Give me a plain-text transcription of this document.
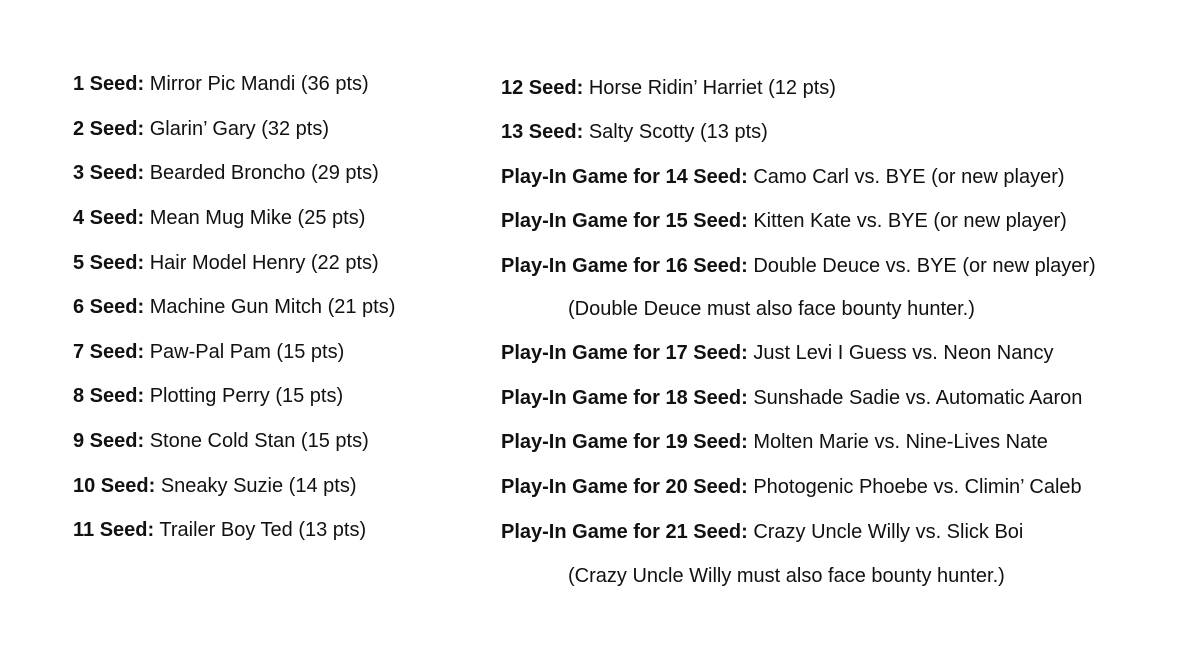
1 Seed: Mirror Pic Mandi (36 pts)
2 Seed: Glarin’ Gary (32 pts)
3 Seed: Bearded Broncho (29 pts)
4 Seed: Mean Mug Mike (25 pts)
5 Seed: Hair Model Henry (22 pts)
6 Seed: Machine Gun Mitch (21 pts)
7 Seed: Paw-Pal Pam (15 pts)
8 Seed: Plotting Perry (15 pts)
9 Seed: Stone Cold Stan (15 pts)
10 Seed: Sneaky Suzie (14 pts)
11 Seed: Trailer Boy Ted (13 pts)
12 Seed: Horse Ridin’ Harriet (12 pts)
13 Seed: Salty Scotty (13 pts)
Play-In Game for 14 Seed: Camo Carl vs. BYE (or new player)
Play-In Game for 15 Seed: Kitten Kate vs. BYE (or new player)
Play-In Game for 16 Seed: Double Deuce vs. BYE (or new player)
(Double Deuce must also face bounty hunter.)
Play-In Game for 17 Seed: Just Levi I Guess vs. Neon Nancy
Play-In Game for 18 Seed: Sunshade Sadie vs. Automatic Aaron
Play-In Game for 19 Seed: Molten Marie vs. Nine-Lives Nate
Play-In Game for 20 Seed: Photogenic Phoebe vs. Climin’ Caleb
Play-In Game for 21 Seed: Crazy Uncle Willy vs. Slick Boi
(Crazy Uncle Willy must also face bounty hunter.)
